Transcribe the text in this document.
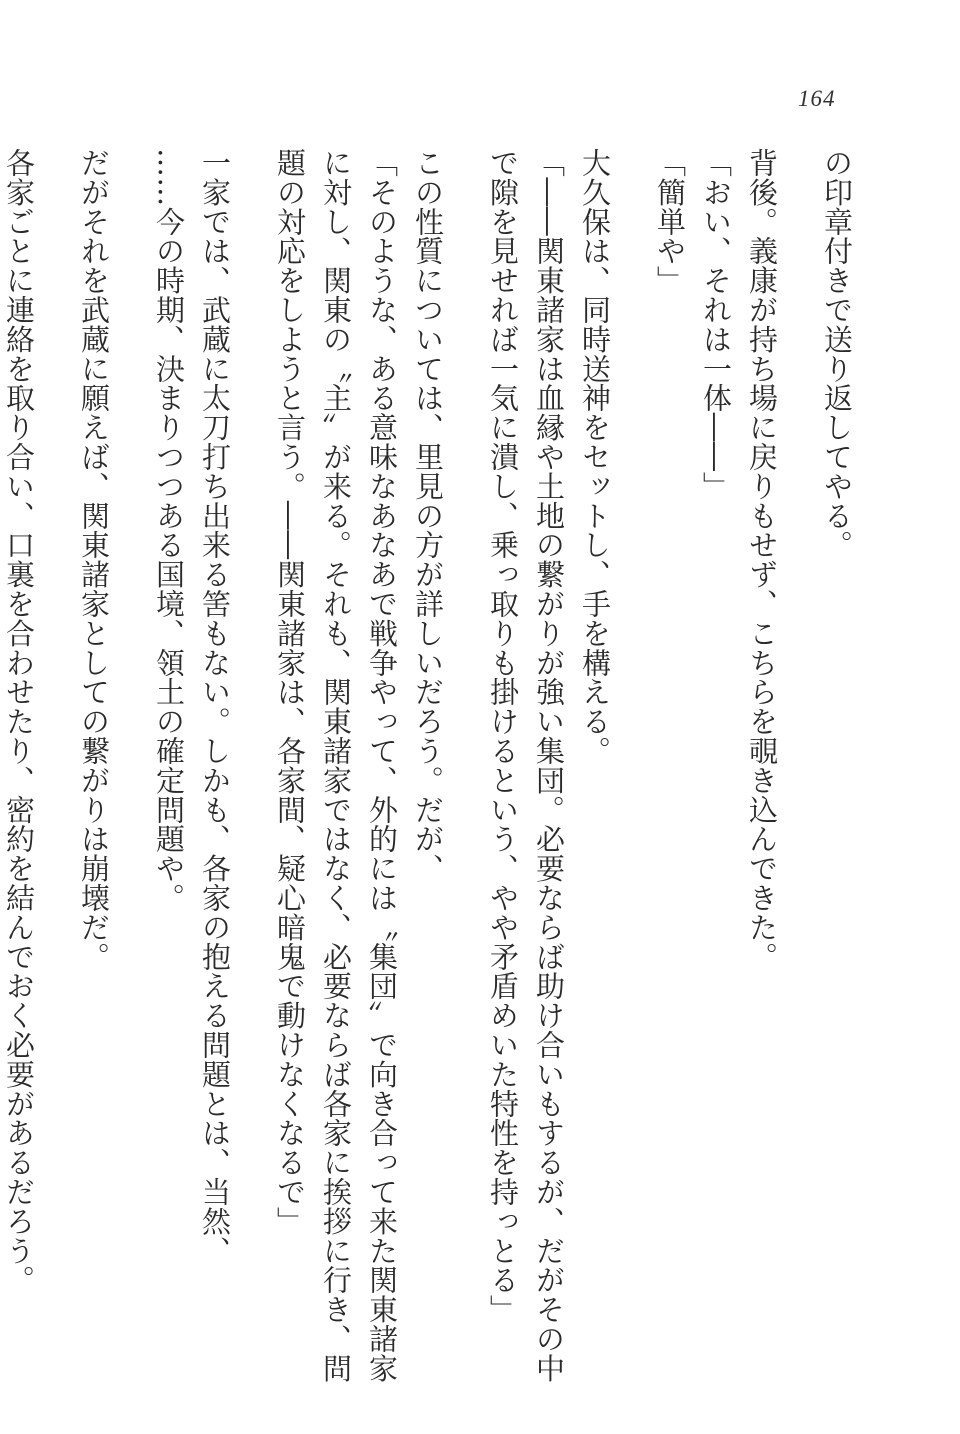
164

の印章付きで送り返してやる。

背後。義康が持ち場に戻りもせず、こちらを覗き込んできた。

「おい、それは一体――」

「簡単や」

大久保は、同時送神をセットし、手を構える。

「――関東諸家は血縁や土地の繋がりが強い集団。必要ならば助け合いもするが、だがその中

で隙を見せれば一気に潰し、乗っ取りも掛けるという、やや矛盾めいた特性を持っとる」

この性質については、里見の方が詳しいだろう。だが、

「そのような、ある意味なあなあで戦争やって、外的には〝集団〟で向き合って来た関東諸家

に対し、関東の〝主〟が来る。それも、関東諸家ではなく、必要ならば各家に挨拶に行き、問

題の対応をしようと言う。――関東諸家は、各家間、疑心暗鬼で動けなくなるで」

一家では、武蔵に太刀打ち出来る筈もない。しかも、各家の抱える問題とは、当然、

……今の時期、決まりつつある国境、領土の確定問題や。

だがそれを武蔵に願えば、関東諸家としての繋がりは崩壊だ。

各家ごとに連絡を取り合い、口裏を合わせたり、密約を結んでおく必要があるだろう。
